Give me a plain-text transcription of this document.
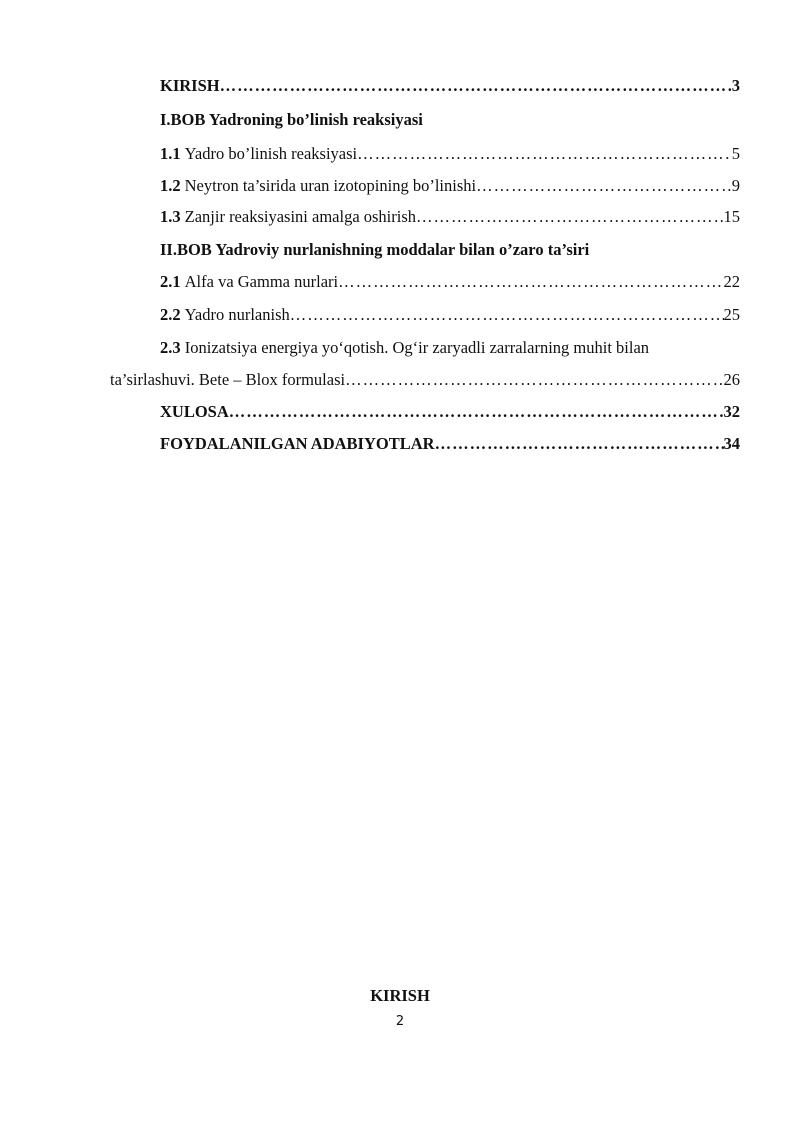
KIRISH ……………………………………………………………………………………………………………………………………………………………………	3
I.BOB Yadroning bo’linish reaksiyasi
1.1 Yadro bo’linish reaksiyasi ……………………………………………………………………………………………………………………………………………………………………	5
1.2 Neytron ta’sirida uran izotopining bo’linishi ……………………………………………………………………………………………………………………………………………………………………	9
1.3 Zanjir reaksiyasini amalga oshirish ……………………………………………………………………………………………………………………………………………………………………	15
II.BOB Yadroviy nurlanishning moddalar bilan o’zaro ta’siri
2.1 Alfa va Gamma nurlari ……………………………………………………………………………………………………………………………………………………………………	22
2.2 Yadro nurlanish ……………………………………………………………………………………………………………………………………………………………………	25
2.3 Ionizatsiya energiya yo‘qotish. Og‘ir zaryadli zarralarning muhit bilan
ta’sirlashuvi. Bete – Blox formulasi ……………………………………………………………………………………………………………………………………………………………………	26
XULOSA ……………………………………………………………………………………………………………………………………………………………………	32
FOYDALANILGAN ADABIYOTLAR ……………………………………………………………………………………………………………………………………………………………………	34
KIRISH
2
